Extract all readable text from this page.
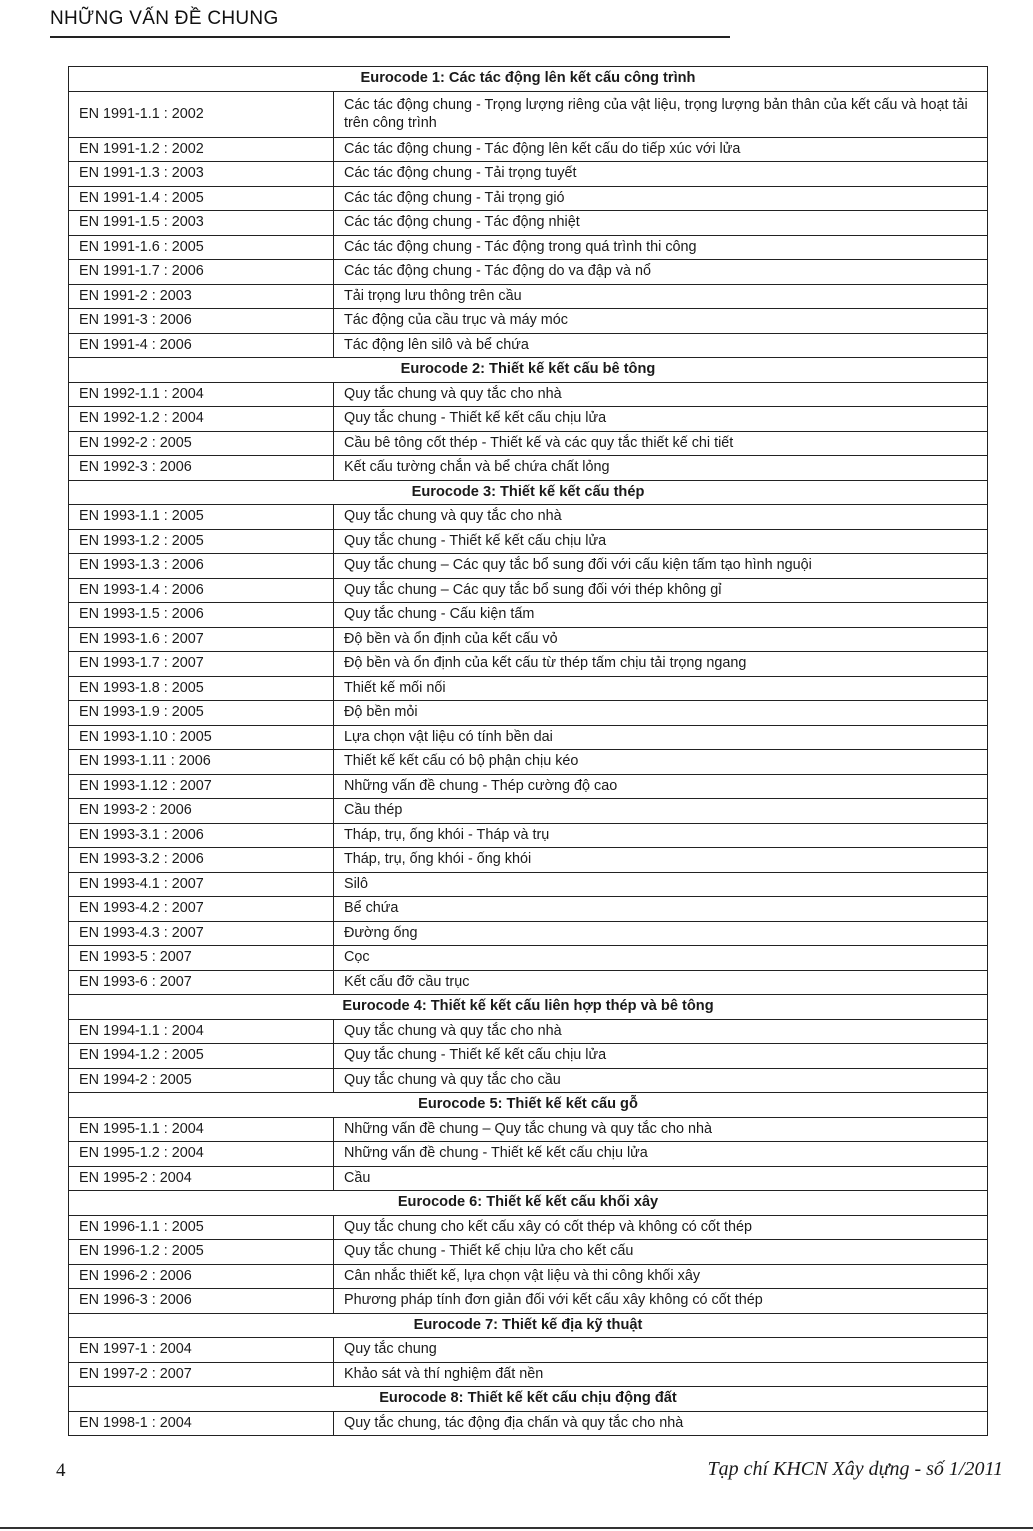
NHỮNG VẤN ĐỀ CHUNG
Eurocode 1: Các tác động lên kết cấu công trình	
EN 1991-1.1 : 2002	Các tác động chung - Trọng lượng riêng của vật liệu, trọng lượng bản thân của kết cấu và hoạt tải trên công trình
EN 1991-1.2 : 2002	Các tác động chung - Tác động lên kết cấu do tiếp xúc với lửa
EN 1991-1.3 : 2003	Các tác động chung - Tải trọng tuyết
EN 1991-1.4 : 2005	Các tác động chung - Tải trọng gió
EN 1991-1.5 : 2003	Các tác động chung - Tác động nhiệt
EN 1991-1.6 : 2005	Các tác động chung - Tác động trong quá trình thi công
EN 1991-1.7 : 2006	Các tác động chung - Tác động do va đập và nổ
EN 1991-2 : 2003	Tải trọng lưu thông trên cầu
EN 1991-3 : 2006	Tác động của cầu trục và máy móc
EN 1991-4 : 2006	Tác động lên silô và bể chứa
Eurocode 2: Thiết kế kết cấu bê tông	
EN 1992-1.1 : 2004	Quy tắc chung và quy tắc cho nhà
EN 1992-1.2 : 2004	Quy tắc chung - Thiết kế kết cấu chịu lửa
EN 1992-2 : 2005	Cầu bê tông cốt thép - Thiết kế và các quy tắc thiết kế chi tiết
EN 1992-3 : 2006	Kết cấu tường chắn và bể chứa chất lỏng
Eurocode 3: Thiết kế kết cấu thép	
EN 1993-1.1 : 2005	Quy tắc chung và quy tắc cho nhà
EN 1993-1.2 : 2005	Quy tắc chung - Thiết kế kết cấu chịu lửa
EN 1993-1.3 : 2006	Quy tắc chung – Các quy tắc bổ sung đối với cấu kiện tấm tạo hình nguội
EN 1993-1.4 : 2006	Quy tắc chung – Các quy tắc bổ sung đối với thép không gỉ
EN 1993-1.5 : 2006	Quy tắc chung - Cấu kiện tấm
EN 1993-1.6 : 2007	Độ bền và ổn định của kết cấu vỏ
EN 1993-1.7 : 2007	Độ bền và ổn định của kết cấu từ thép tấm chịu tải trọng ngang
EN 1993-1.8 : 2005	Thiết kế mối nối
EN 1993-1.9 : 2005	Độ bền mỏi
EN 1993-1.10 : 2005	Lựa chọn vật liệu có tính bền dai
EN 1993-1.11 : 2006	Thiết kế kết cấu có bộ phận chịu kéo
EN 1993-1.12 : 2007	Những vấn đề chung - Thép cường độ cao
EN 1993-2 : 2006	Cầu thép
EN 1993-3.1 : 2006	Tháp, trụ, ống khói - Tháp và trụ
EN 1993-3.2 : 2006	Tháp, trụ, ống khói - ống khói
EN 1993-4.1 : 2007	Silô
EN 1993-4.2 : 2007	Bể chứa
EN 1993-4.3 : 2007	Đường ống
EN 1993-5 : 2007	Cọc
EN 1993-6 : 2007	Kết cấu đỡ cầu trục
Eurocode 4: Thiết kế kết cấu liên hợp thép và bê tông	
EN 1994-1.1 : 2004	Quy tắc chung và quy tắc cho nhà
EN 1994-1.2 : 2005	Quy tắc chung - Thiết kế kết cấu chịu lửa
EN 1994-2 : 2005	Quy tắc chung và quy tắc cho cầu
Eurocode 5: Thiết kế kết cấu gỗ	
EN 1995-1.1 : 2004	Những vấn đề chung – Quy tắc chung và quy tắc cho nhà
EN 1995-1.2 : 2004	Những vấn đề chung - Thiết kế kết cấu chịu lửa
EN 1995-2 : 2004	Cầu
Eurocode 6: Thiết kế kết cấu khối xây	
EN 1996-1.1 : 2005	Quy tắc chung cho kết cấu xây có cốt thép và không có cốt thép
EN 1996-1.2 : 2005	Quy tắc chung - Thiết kế chịu lửa cho kết cấu
EN 1996-2 : 2006	Cân nhắc thiết kế, lựa chọn vật liệu và thi công khối xây
EN 1996-3 : 2006	Phương pháp tính đơn giản đối với kết cấu xây không có cốt thép
Eurocode 7: Thiết kế địa kỹ thuật	
EN 1997-1 : 2004	Quy tắc chung
EN 1997-2 : 2007	Khảo sát và thí nghiệm đất nền
Eurocode 8: Thiết kế kết cấu chịu động đất	
EN 1998-1 : 2004	Quy tắc chung, tác động địa chấn và quy tắc cho nhà
4	Tạp chí KHCN Xây dựng - số 1/2011
